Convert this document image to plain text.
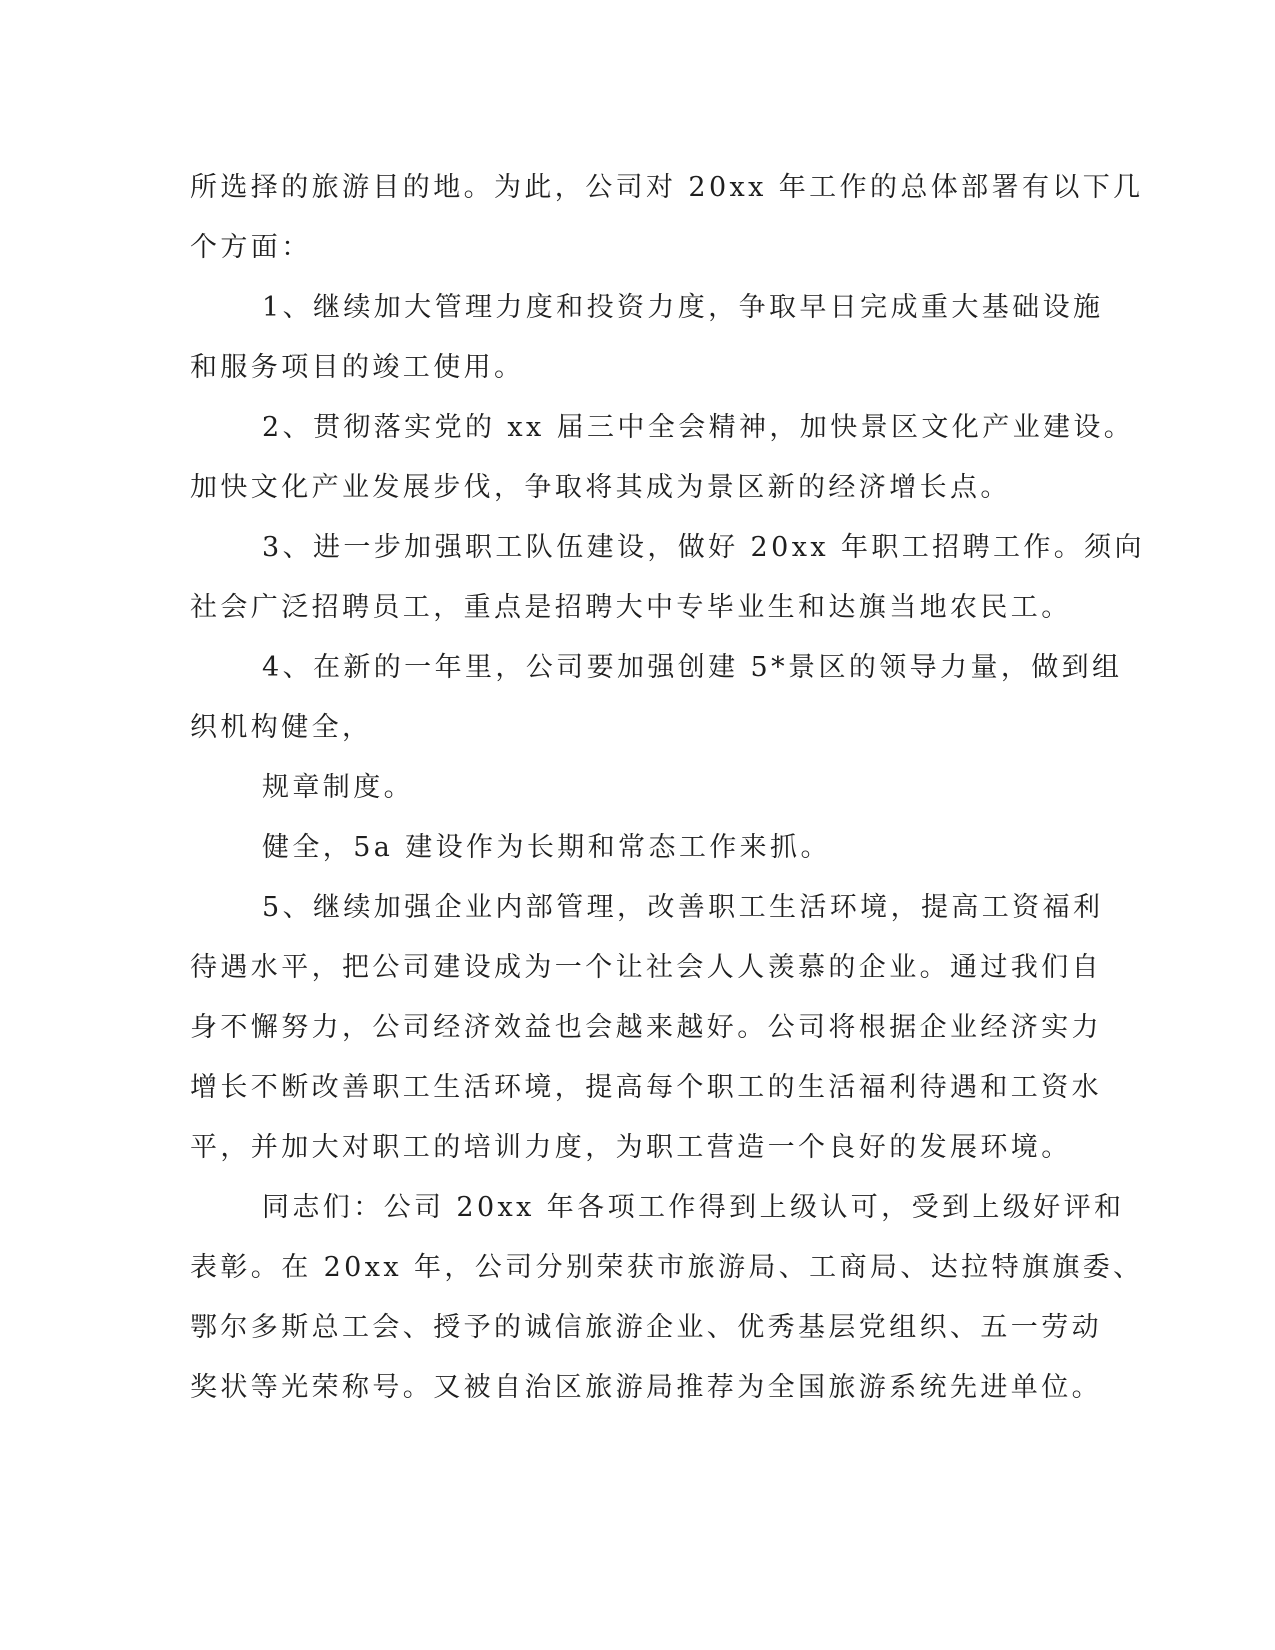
所选择的旅游目的地。为此，公司对 20xx 年工作的总体部署有以下几
个方面：
1、继续加大管理力度和投资力度，争取早日完成重大基础设施
和服务项目的竣工使用。
2、贯彻落实党的 xx 届三中全会精神，加快景区文化产业建设。
加快文化产业发展步伐，争取将其成为景区新的经济增长点。
3、进一步加强职工队伍建设，做好 20xx 年职工招聘工作。须向
社会广泛招聘员工，重点是招聘大中专毕业生和达旗当地农民工。
4、在新的一年里，公司要加强创建 5*景区的领导力量，做到组
织机构健全，
规章制度。
健全，5a 建设作为长期和常态工作来抓。
5、继续加强企业内部管理，改善职工生活环境，提高工资福利
待遇水平，把公司建设成为一个让社会人人羡慕的企业。通过我们自
身不懈努力，公司经济效益也会越来越好。公司将根据企业经济实力
增长不断改善职工生活环境，提高每个职工的生活福利待遇和工资水
平，并加大对职工的培训力度，为职工营造一个良好的发展环境。
同志们：公司 20xx 年各项工作得到上级认可，受到上级好评和
表彰。在 20xx 年，公司分别荣获市旅游局、工商局、达拉特旗旗委、
鄂尔多斯总工会、授予的诚信旅游企业、优秀基层党组织、五一劳动
奖状等光荣称号。又被自治区旅游局推荐为全国旅游系统先进单位。
